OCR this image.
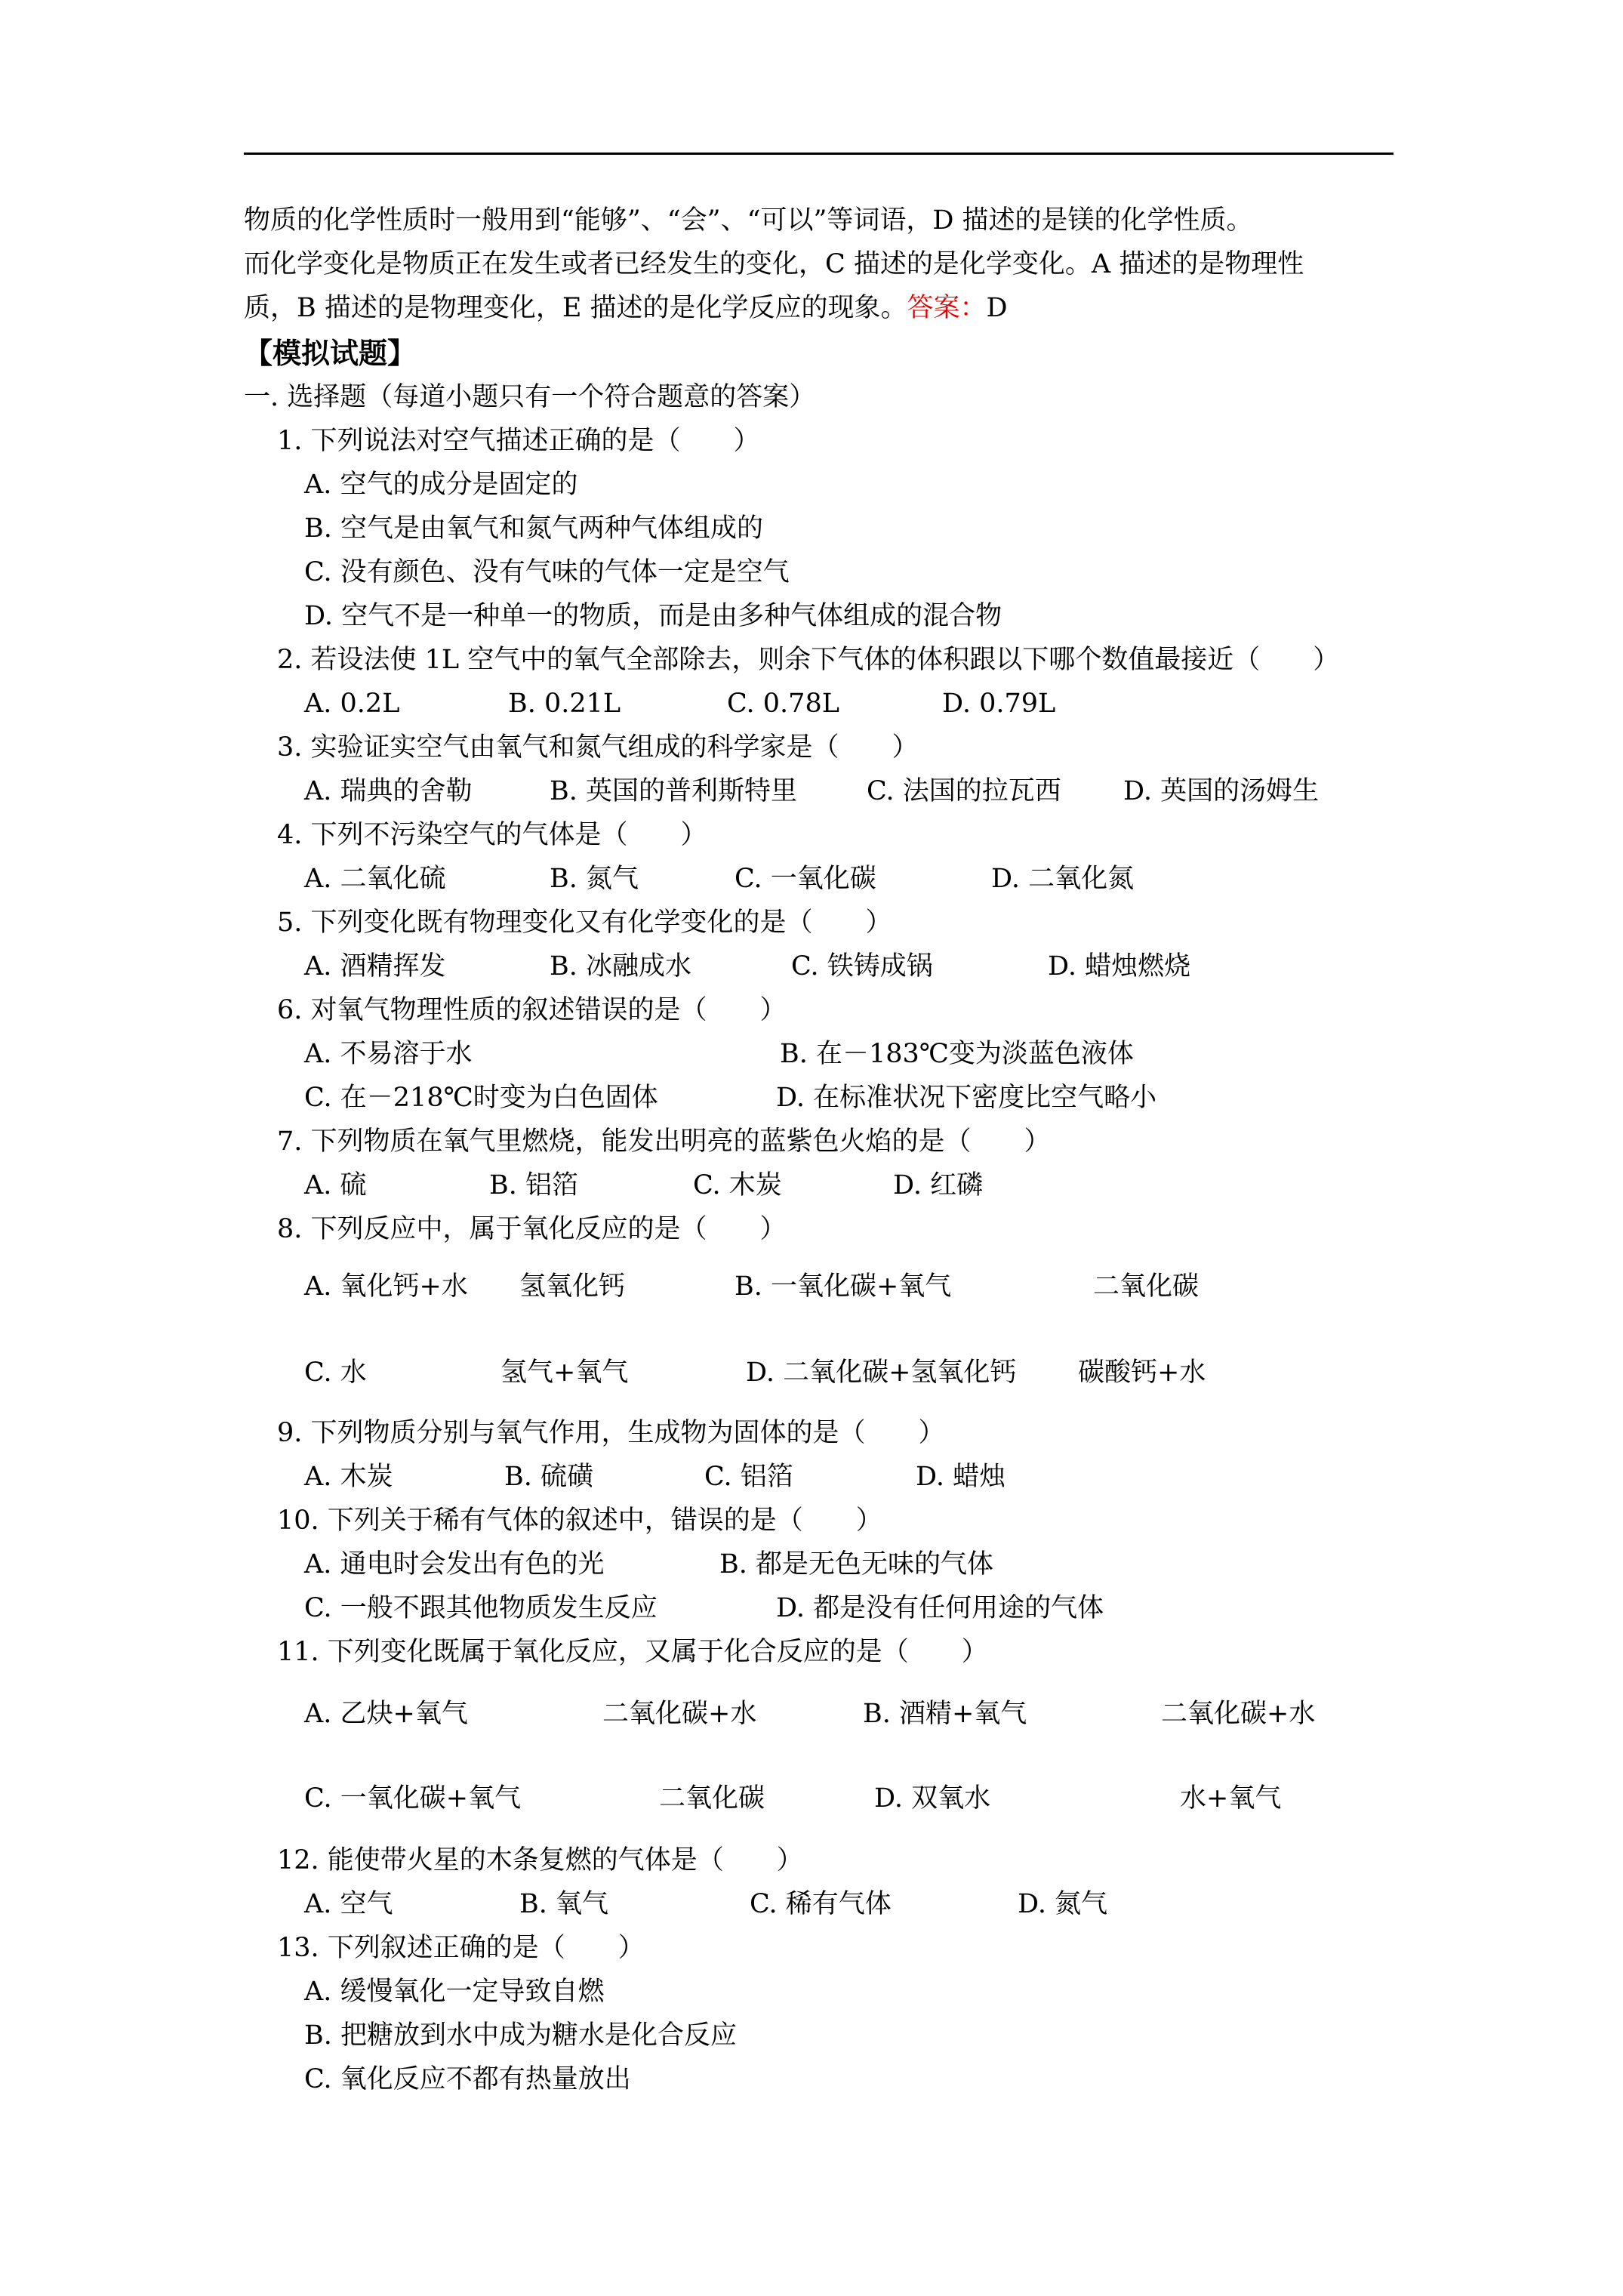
物质的化学性质时一般用到“能够”、“会”、“可以”等词语，D 描述的是镁的化学性质。
而化学变化是物质正在发生或者已经发生的变化，C 描述的是化学变化。A 描述的是物理性
质，B 描述的是物理变化，E 描述的是化学反应的现象。答案：D
【模拟试题】
一. 选择题（每道小题只有一个符合题意的答案）
1. 下列说法对空气描述正确的是（　　）
A. 空气的成分是固定的
B. 空气是由氧气和氮气两种气体组成的
C. 没有颜色、没有气味的气体一定是空气
D. 空气不是一种单一的物质，而是由多种气体组成的混合物
2. 若设法使 1L 空气中的氧气全部除去，则余下气体的体积跟以下哪个数值最接近（　　）
A. 0.2L	B. 0.21L	C. 0.78L	D. 0.79L
3. 实验证实空气由氧气和氮气组成的科学家是（　　）
A. 瑞典的舍勒	B. 英国的普利斯特里	C. 法国的拉瓦西 D. 英国的汤姆生
4. 下列不污染空气的气体是（　　）
A. 二氧化硫	B. 氮气	C. 一氧化碳	D. 二氧化氮
5. 下列变化既有物理变化又有化学变化的是（　　）
A. 酒精挥发	B. 冰融成水	C. 铁铸成锅	D. 蜡烛燃烧
6. 对氧气物理性质的叙述错误的是（　　）
A. 不易溶于水	B. 在－183℃变为淡蓝色液体
C. 在－218℃时变为白色固体	D. 在标准状况下密度比空气略小
7. 下列物质在氧气里燃烧，能发出明亮的蓝紫色火焰的是（　　）
A. 硫	B. 铝箔	C. 木炭	D. 红磷
8. 下列反应中，属于氧化反应的是（　　）
A. 氧化钙+水 氢氧化钙	B. 一氧化碳+氧气	二氧化碳
C. 水	氢气+氧气	D. 二氧化碳+氢氧化钙 碳酸钙+水
9. 下列物质分别与氧气作用，生成物为固体的是（　　）
A. 木炭	B. 硫磺	C. 铝箔	D. 蜡烛
10. 下列关于稀有气体的叙述中，错误的是（　　）
A. 通电时会发出有色的光	B. 都是无色无味的气体
C. 一般不跟其他物质发生反应	D. 都是没有任何用途的气体
11. 下列变化既属于氧化反应，又属于化合反应的是（　　）
A. 乙炔+氧气	二氧化碳+水	B. 酒精+氧气	二氧化碳+水
C. 一氧化碳+氧气	二氧化碳	D. 双氧水	水+氧气
12. 能使带火星的木条复燃的气体是（　　）
A. 空气	B. 氧气	C. 稀有气体	D. 氮气
13. 下列叙述正确的是（　　）
A. 缓慢氧化一定导致自燃
B. 把糖放到水中成为糖水是化合反应
C. 氧化反应不都有热量放出
